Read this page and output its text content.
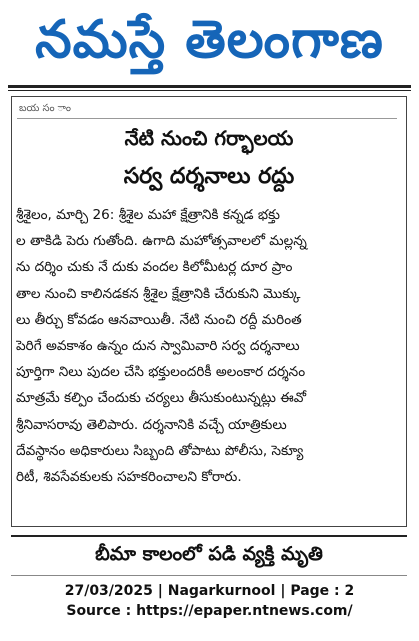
నమస్తే తెలంగాణ
బయ సం ాం
నేటి నుంచి గర్భాలయ
సర్వ దర్శనాలు రద్దు

శ్రీశైలం, మార్చి 26: శ్రీశైల మహా క్షేత్రానికి కన్నడ భక్తు

ల తాకిడి పెరు గుతోంది. ఉగాది మహోత్సవాలలో మల్లన్న

ను దర్శిం చుకు నే దుకు వందల కిలోమీటర్ల దూర ప్రాం

తాల నుంచి కాలినడకన శ్రీశైల క్షేత్రానికి చేరుకుని మొక్కు

లు తీర్చు కోవడం ఆనవాయితీ. నేటి నుంచి రద్దీ మరింత

పెరిగే అవకాశం ఉన్నం దున స్వామివారి సర్వ దర్శనాలు

పూర్తిగా నిలు పుదల చేసి భక్తులందరికీ అలంకార దర్శనం

మాత్రమే కల్పిం చేందుకు చర్యలు తీసుకుంటున్నట్లు ఈవో

శ్రీనివాసరావు తెలిపారు. దర్శనానికి వచ్చే యాత్రికులు

దేవస్థానం అధికారులు సిబ్బంది తోపాటు పోలీసు, సెక్యూ

రిటీ, శివసేవకులకు సహకరించాలని కోరారు.

బీమా కాలంలో పడి వ్యక్తి మృతి
27/03/2025 | Nagarkurnool | Page : 2
Source : https://epaper.ntnews.com/
